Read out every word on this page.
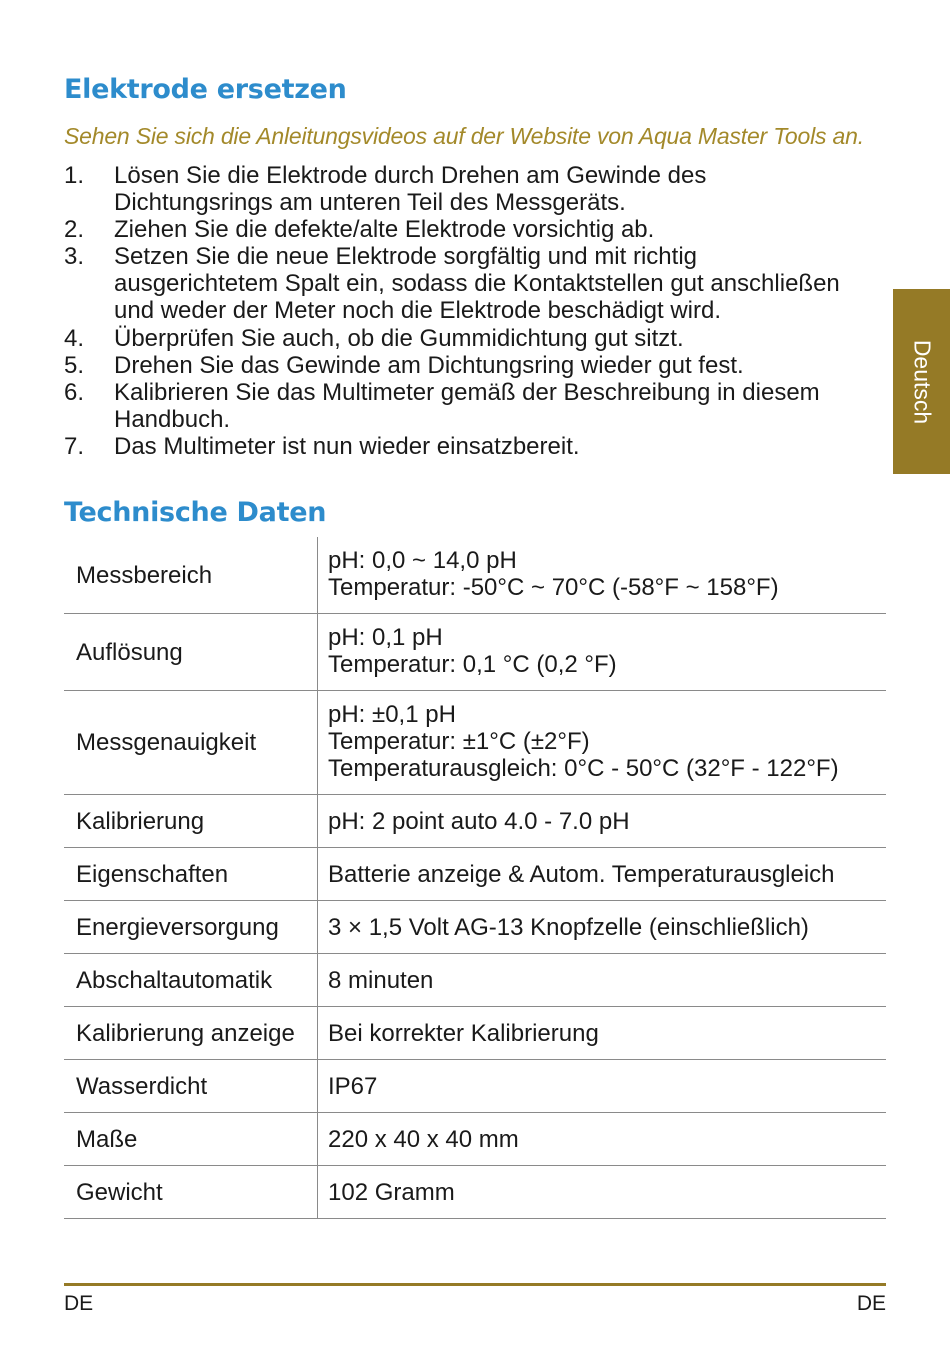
Elektrode ersetzen

Sehen Sie sich die Anleitungsvideos auf der Website von Aqua Master Tools an.

1.	Lösen Sie die Elektrode durch Drehen am Gewinde des
Dichtungsrings am unteren Teil des Messgeräts.
2.	Ziehen Sie die defekte/alte Elektrode vorsichtig ab.
3.	Setzen Sie die neue Elektrode sorgfältig und mit richtig
ausgerichtetem Spalt ein, sodass die Kontaktstellen gut anschließen
und weder der Meter noch die Elektrode beschädigt wird.
4.	Überprüfen Sie auch, ob die Gummidichtung gut sitzt.
5.	Drehen Sie das Gewinde am Dichtungsring wieder gut fest.
6.	Kalibrieren Sie das Multimeter gemäß der Beschreibung in diesem
Handbuch.
7.	Das Multimeter ist nun wieder einsatzbereit.
Deutsch
Technische Daten
Messbereich	pH: 0,0 ~ 14,0 pH
Temperatur: -50°C ~ 70°C (-58°F ~ 158°F)

Auflösung	pH: 0,1 pH
Temperatur: 0,1 °C (0,2 °F)

Messgenauigkeit	pH: ±0,1 pH
Temperatur: ±1°C (±2°F)
Temperaturausgleich: 0°C - 50°C (32°F - 122°F)

Kalibrierung	pH: 2 point auto 4.0 - 7.0 pH

Eigenschaften	Batterie anzeige & Autom. Temperaturausgleich

Energieversorgung	3 × 1,5 Volt AG-13 Knopfzelle (einschließlich)

Abschaltautomatik	8 minuten

Kalibrierung anzeige	Bei korrekter Kalibrierung

Wasserdicht	IP67

Maße	220 x 40 x 40 mm

Gewicht	102 Gramm
DE	DE
